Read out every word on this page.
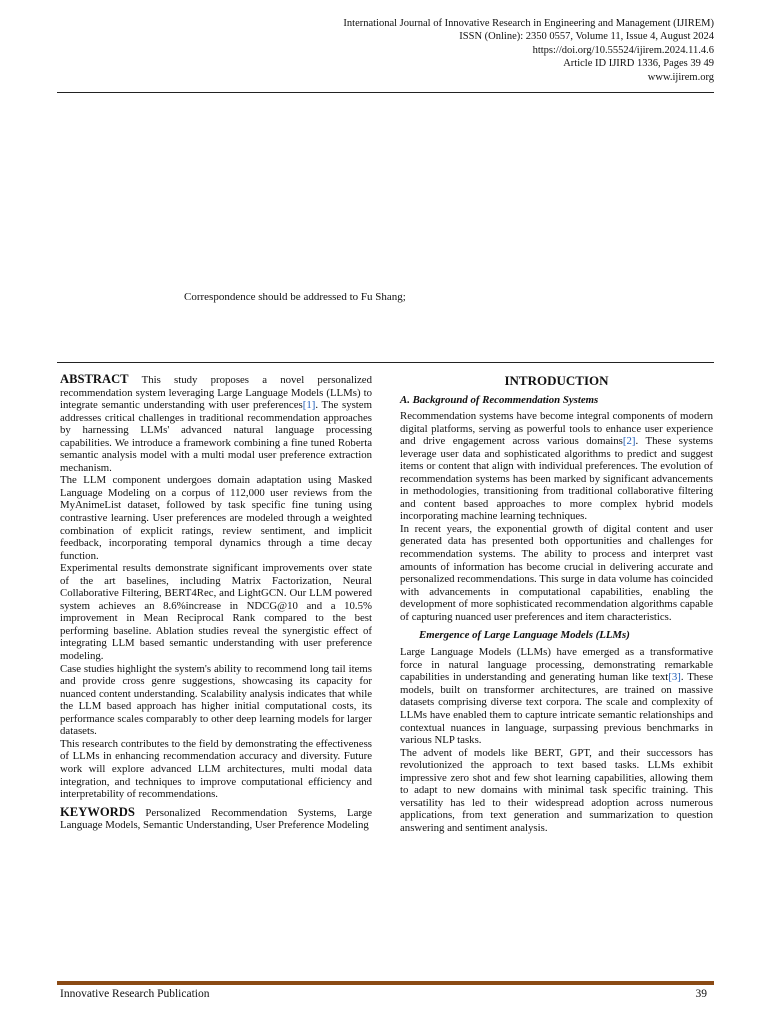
International Journal of Innovative Research in Engineering and Management (IJIREM)
ISSN (Online): 2350 0557, Volume 11, Issue 4, August 2024
https://doi.org/10.55524/ijirem.2024.11.4.6
Article ID IJIRD 1336, Pages 39 49
www.ijirem.org
Correspondence should be addressed to Fu Shang;

ABSTRACT This study proposes a novel personalized recommendation system leveraging Large Language Models (LLMs) to integrate semantic understanding with user preferences[1]. The system addresses critical challenges in traditional recommendation approaches by harnessing LLMs' advanced natural language processing capabilities. We introduce a framework combining a fine tuned Roberta semantic analysis model with a multi modal user preference extraction mechanism.

The LLM component undergoes domain adaptation using Masked Language Modeling on a corpus of 112,000 user reviews from the MyAnimeList dataset, followed by task specific fine tuning using contrastive learning. User preferences are modeled through a weighted combination of explicit ratings, review sentiment, and implicit feedback, incorporating temporal dynamics through a time decay function.

Experimental results demonstrate significant improvements over state of the art baselines, including Matrix Factorization, Neural Collaborative Filtering, BERT4Rec, and LightGCN. Our LLM powered system achieves an 8.6%increase in NDCG@10 and a 10.5% improvement in Mean Reciprocal Rank compared to the best performing baseline. Ablation studies reveal the synergistic effect of integrating LLM based semantic understanding with user preference modeling.

Case studies highlight the system's ability to recommend long tail items and provide cross genre suggestions, showcasing its capacity for nuanced content understanding. Scalability analysis indicates that while the LLM based approach has higher initial computational costs, its performance scales comparably to other deep learning models for larger datasets.

This research contributes to the field by demonstrating the effectiveness of LLMs in enhancing recommendation accuracy and diversity. Future work will explore advanced LLM architectures, multi modal data integration, and techniques to improve computational efficiency and interpretability of recommendations.

KEYWORDS Personalized Recommendation Systems, Large Language Models, Semantic Understanding, User Preference Modeling

INTRODUCTION
A. Background of Recommendation Systems

Recommendation systems have become integral components of modern digital platforms, serving as powerful tools to enhance user experience and drive engagement across various domains[2]. These systems leverage user data and sophisticated algorithms to predict and suggest items or content that align with individual preferences. The evolution of recommendation systems has been marked by significant advancements in methodologies, transitioning from traditional collaborative filtering and content based approaches to more complex hybrid models incorporating machine learning techniques.

In recent years, the exponential growth of digital content and user generated data has presented both opportunities and challenges for recommendation systems. The ability to process and interpret vast amounts of information has become crucial in delivering accurate and personalized recommendations. This surge in data volume has coincided with advancements in computational capabilities, enabling the development of more sophisticated recommendation algorithms capable of capturing nuanced user preferences and item characteristics.

Emergence of Large Language Models (LLMs)

Large Language Models (LLMs) have emerged as a transformative force in natural language processing, demonstrating remarkable capabilities in understanding and generating human like text[3]. These models, built on transformer architectures, are trained on massive datasets comprising diverse text corpora. The scale and complexity of LLMs have enabled them to capture intricate semantic relationships and contextual nuances in language, surpassing previous benchmarks in various NLP tasks.

The advent of models like BERT, GPT, and their successors has revolutionized the approach to text based tasks. LLMs exhibit impressive zero shot and few shot learning capabilities, allowing them to adapt to new domains with minimal task specific training. This versatility has led to their widespread adoption across numerous applications, from text generation and summarization to question answering and sentiment analysis.

Innovative Research Publication	39
